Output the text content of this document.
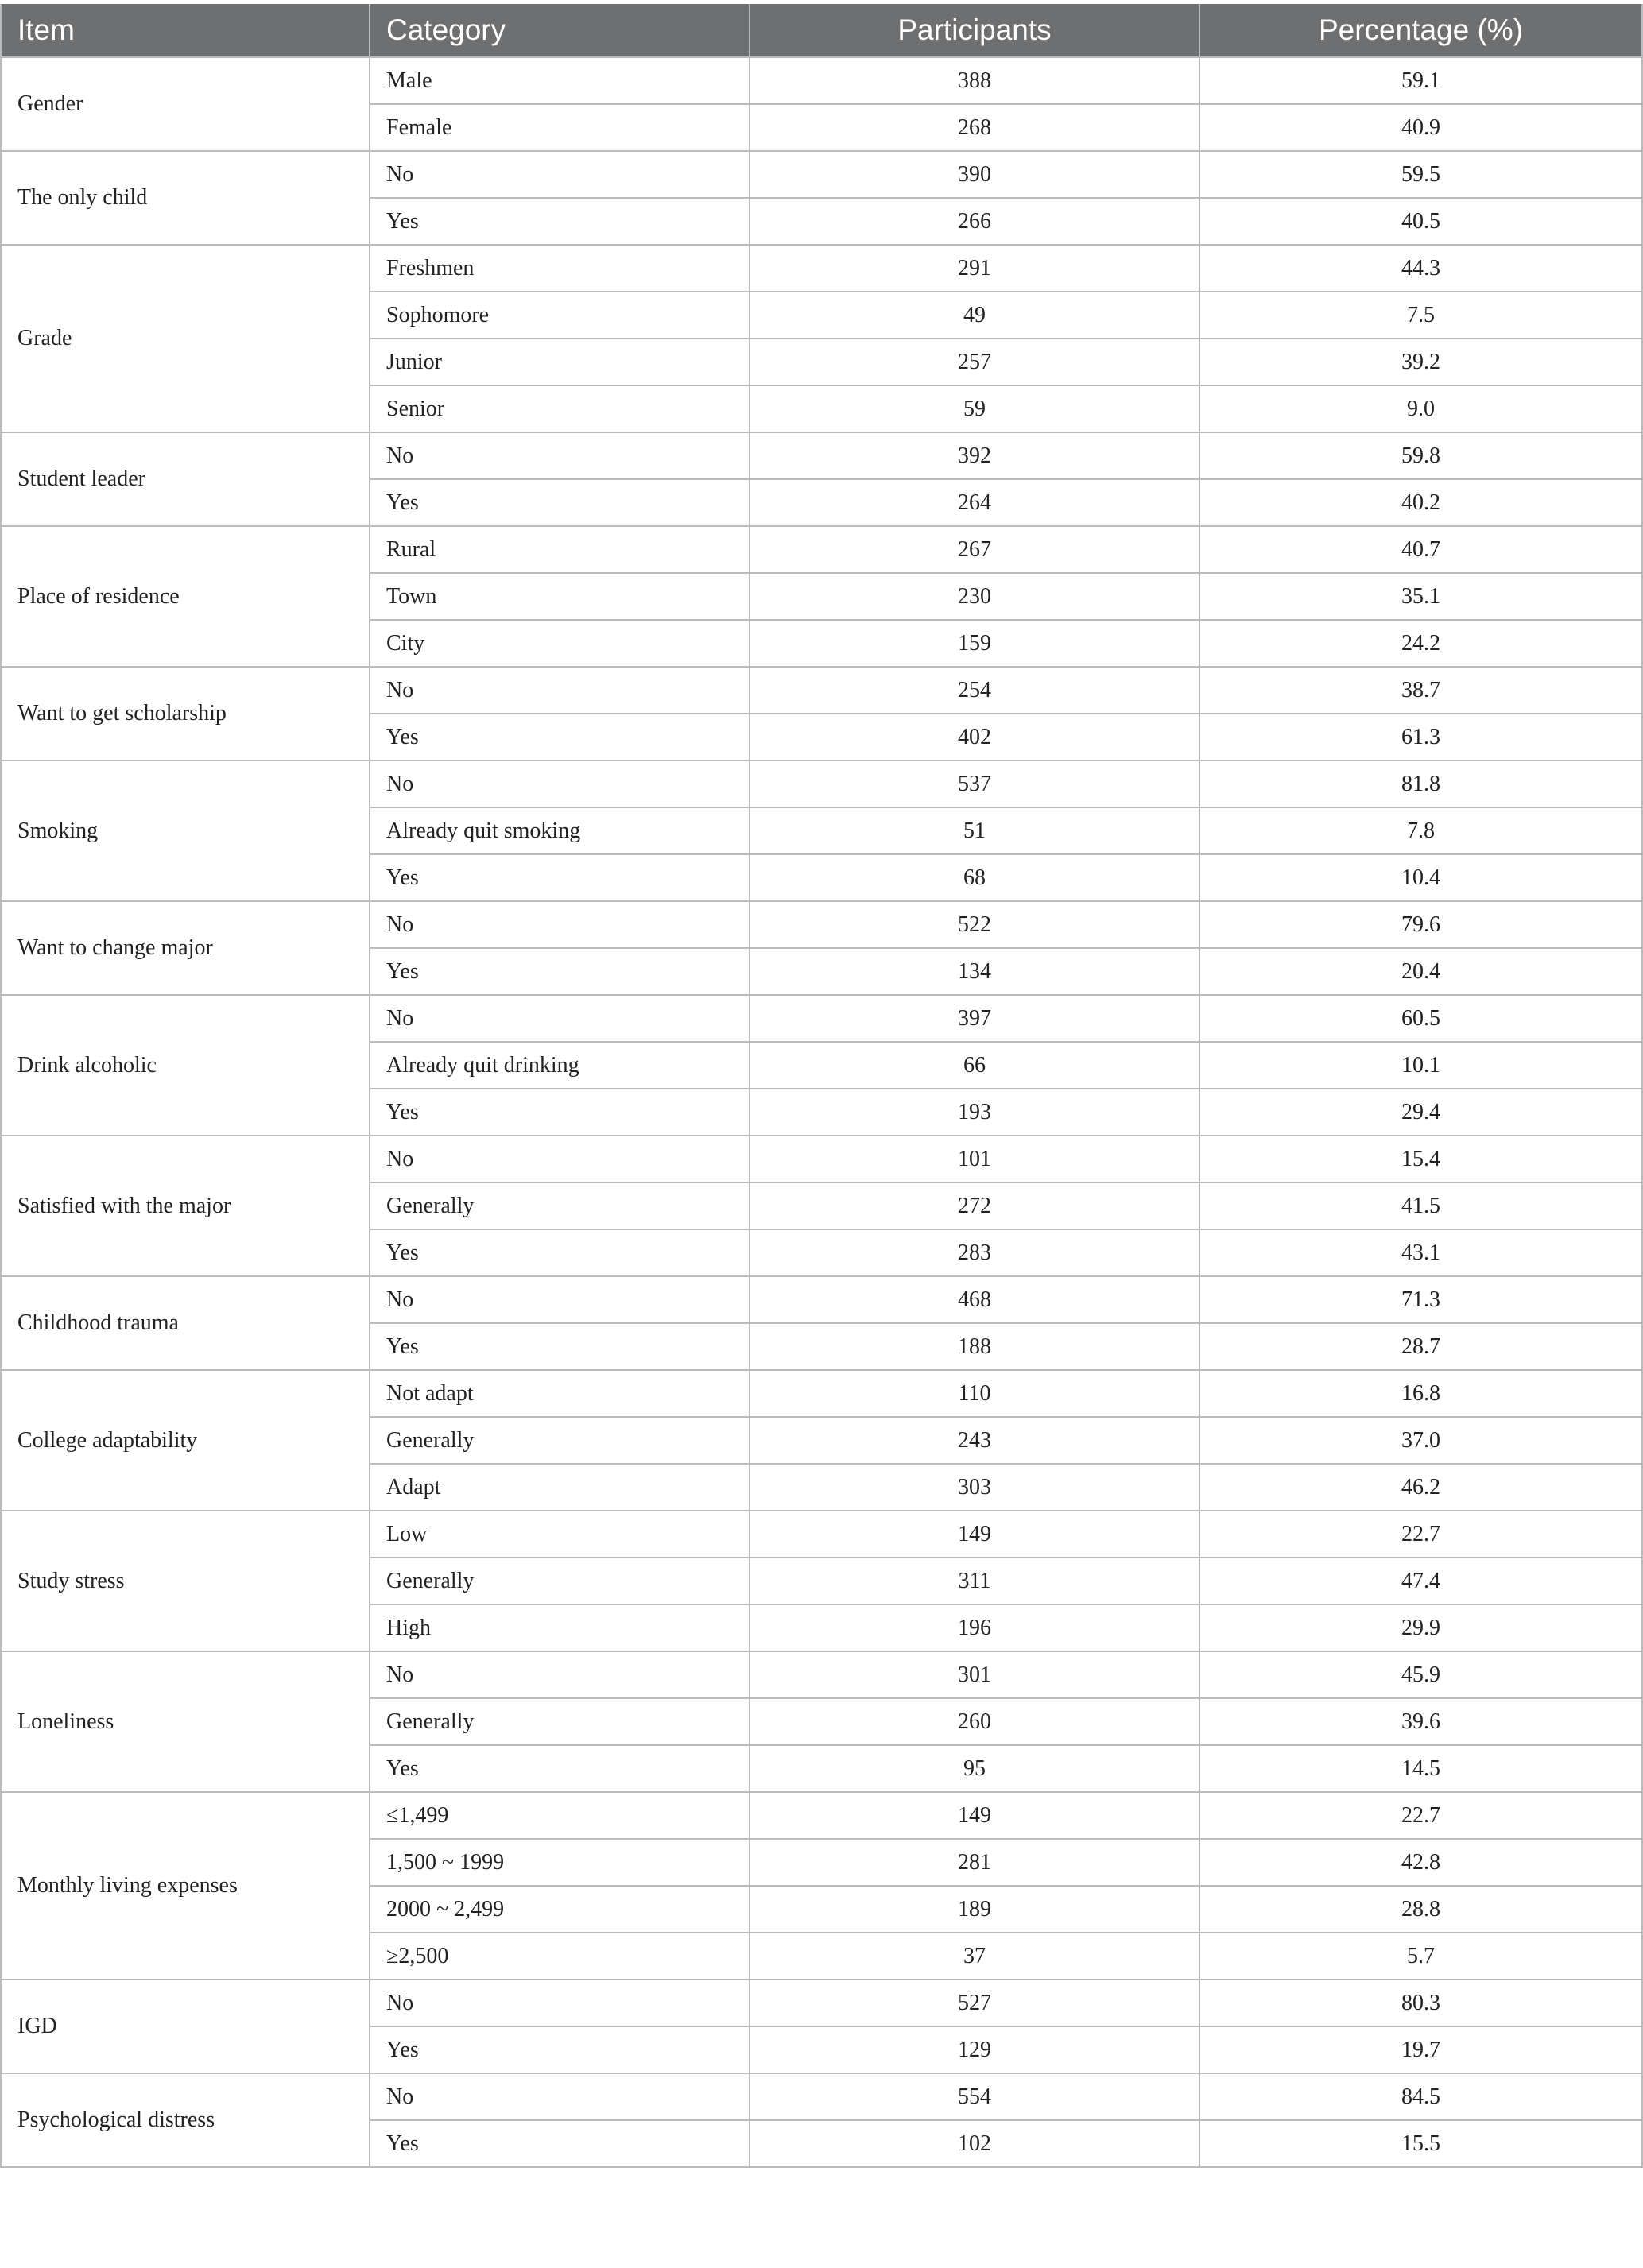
Item	Category	Participants	Percentage (%)
Gender	Male	388	59.1
	Female	268	40.9
The only child	No	390	59.5
	Yes	266	40.5
Grade	Freshmen	291	44.3
	Sophomore	49	7.5
	Junior	257	39.2
	Senior	59	9.0
Student leader	No	392	59.8
	Yes	264	40.2
Place of residence	Rural	267	40.7
	Town	230	35.1
	City	159	24.2
Want to get scholarship	No	254	38.7
	Yes	402	61.3
Smoking	No	537	81.8
	Already quit smoking	51	7.8
	Yes	68	10.4
Want to change major	No	522	79.6
	Yes	134	20.4
Drink alcoholic	No	397	60.5
	Already quit drinking	66	10.1
	Yes	193	29.4
Satisfied with the major	No	101	15.4
	Generally	272	41.5
	Yes	283	43.1
Childhood trauma	No	468	71.3
	Yes	188	28.7
College adaptability	Not adapt	110	16.8
	Generally	243	37.0
	Adapt	303	46.2
Study stress	Low	149	22.7
	Generally	311	47.4
	High	196	29.9
Loneliness	No	301	45.9
	Generally	260	39.6
	Yes	95	14.5
Monthly living expenses	≤1,499	149	22.7
	1,500 ~ 1999	281	42.8
	2000 ~ 2,499	189	28.8
	≥2,500	37	5.7
IGD	No	527	80.3
	Yes	129	19.7
Psychological distress	No	554	84.5
	Yes	102	15.5
